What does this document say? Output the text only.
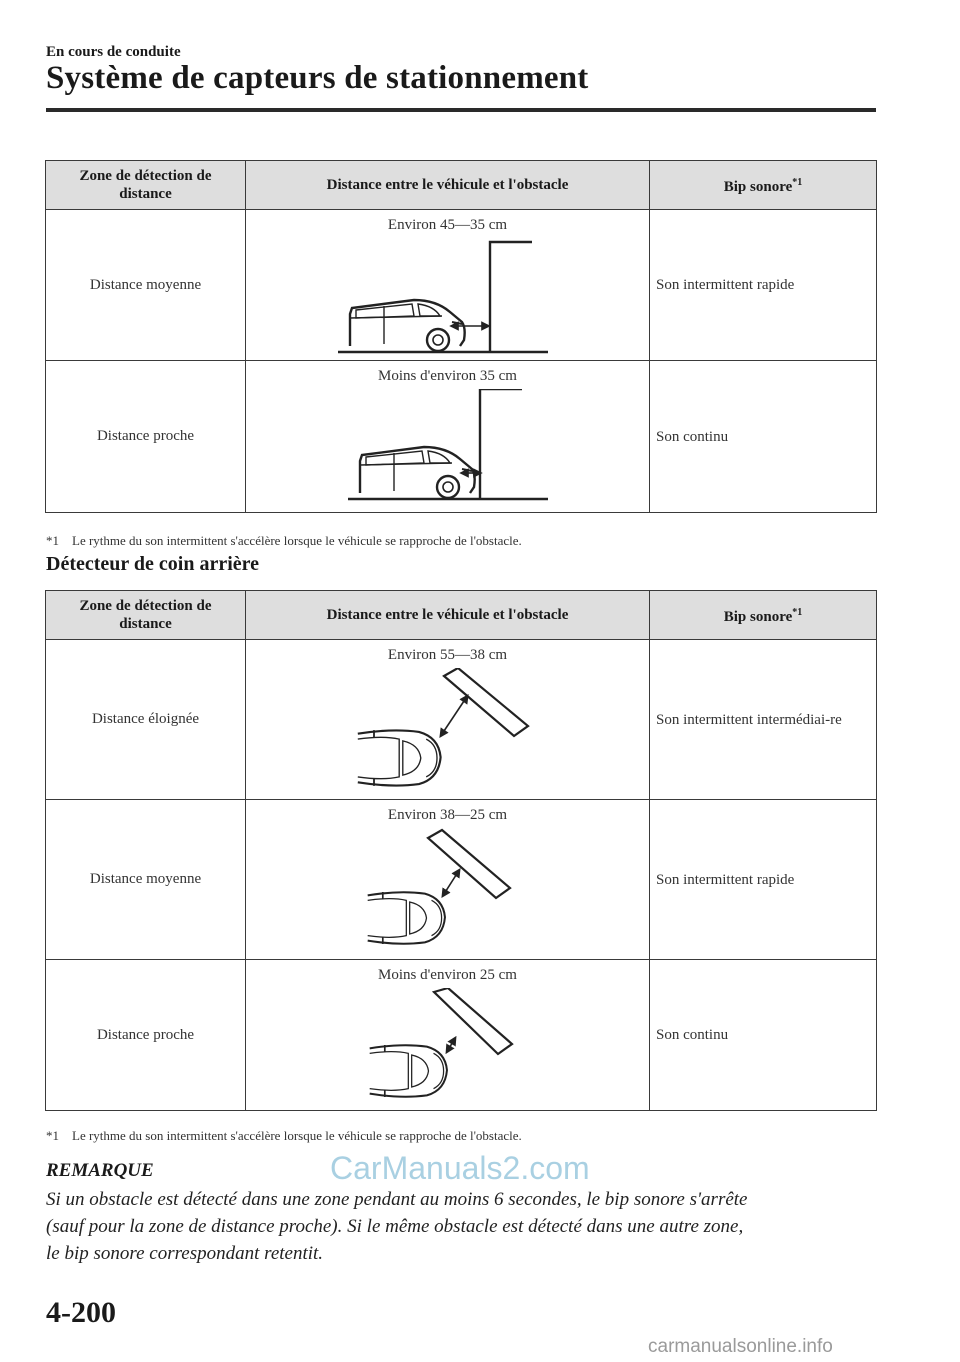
En cours de conduite
Système de capteurs de stationnement
Zone de détection de distance	Distance entre le véhicule et l'obstacle	Bip sonore$^{*1}$
Distance moyenne	Environ 45—35 cm	Son intermittent rapide
Distance proche	Moins d'environ 35 cm	Son continu
*1 Le rythme du son intermittent s'accélère lorsque le véhicule se rapproche de l'obstacle.
Détecteur de coin arrière
Zone de détection de distance	Distance entre le véhicule et l'obstacle	Bip sonore$^{*1}$
Distance éloignée	Environ 55—38 cm	Son intermittent intermédiai-re
Distance moyenne	Environ 38—25 cm	Son intermittent rapide
Distance proche	Moins d'environ 25 cm	Son continu
*1 Le rythme du son intermittent s'accélère lorsque le véhicule se rapproche de l'obstacle.
REMARQUE	CarManuals2.com

Si un obstacle est détecté dans une zone pendant au moins 6 secondes, le bip sonore s'arrête
(sauf pour la zone de distance proche). Si le même obstacle est détecté dans une autre zone,
le bip sonore correspondant retentit.

4-200
carmanualsonline.info
